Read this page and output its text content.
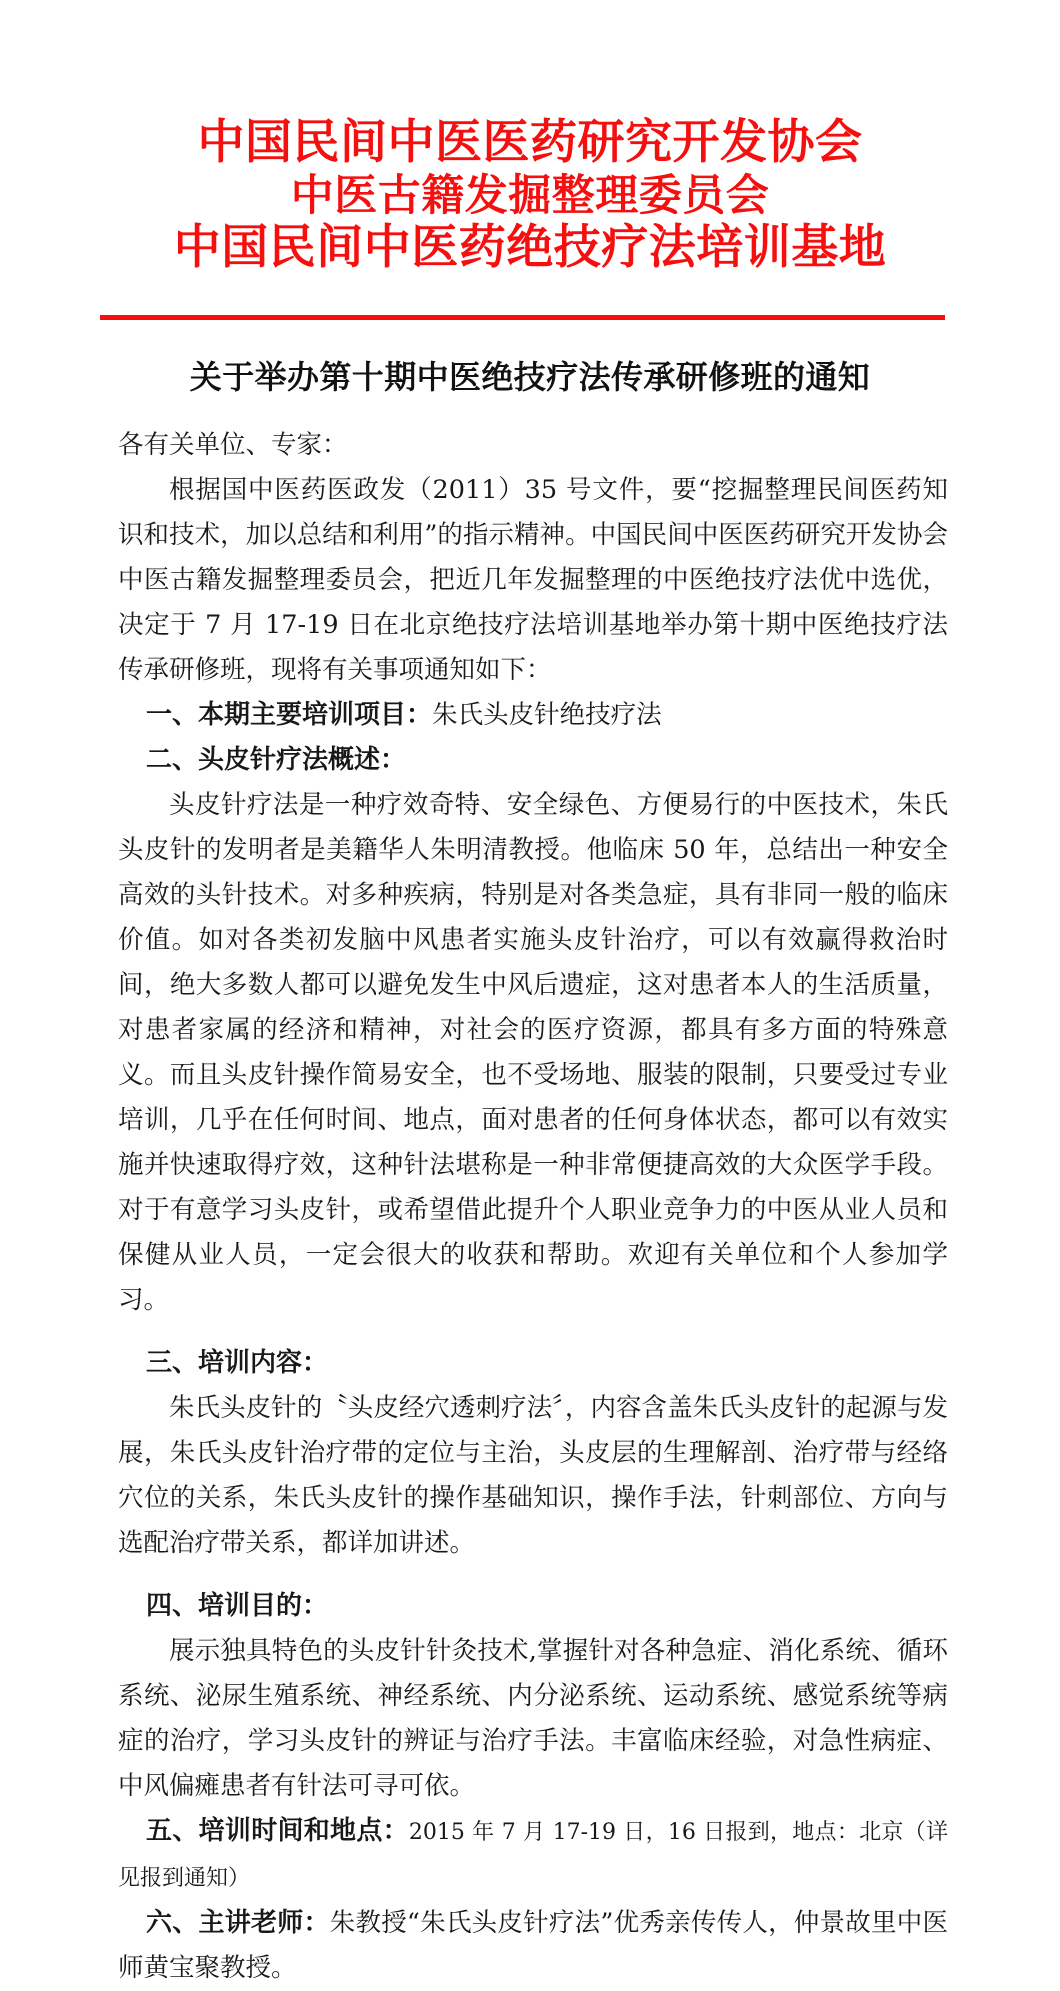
中国民间中医医药研究开发协会
中医古籍发掘整理委员会
中国民间中医药绝技疗法培训基地
关于举办第十期中医绝技疗法传承研修班的通知

各有关单位、专家：

根据国中医药医政发（2011）35 号文件，要“挖掘整理民间医药知识和技术，加以总结和利用”的指示精神。中国民间中医医药研究开发协会中医古籍发掘整理委员会，把近几年发掘整理的中医绝技疗法优中选优，决定于 7 月 17-19 日在北京绝技疗法培训基地举办第十期中医绝技疗法传承研修班，现将有关事项通知如下：

一、本期主要培训项目：朱氏头皮针绝技疗法

二、头皮针疗法概述：

头皮针疗法是一种疗效奇特、安全绿色、方便易行的中医技术，朱氏头皮针的发明者是美籍华人朱明清教授。他临床 50 年，总结出一种安全高效的头针技术。对多种疾病，特别是对各类急症，具有非同一般的临床价值。如对各类初发脑中风患者实施头皮针治疗，可以有效赢得救治时间，绝大多数人都可以避免发生中风后遗症，这对患者本人的生活质量，对患者家属的经济和精神，对社会的医疗资源，都具有多方面的特殊意义。而且头皮针操作简易安全，也不受场地、服装的限制，只要受过专业培训，几乎在任何时间、地点，面对患者的任何身体状态，都可以有效实施并快速取得疗效，这种针法堪称是一种非常便捷高效的大众医学手段。对于有意学习头皮针，或希望借此提升个人职业竞争力的中医从业人员和保健从业人员，一定会很大的收获和帮助。欢迎有关单位和个人参加学习。

三、培训内容：

朱氏头皮针的〝头皮经穴透刺疗法〞，内容含盖朱氏头皮针的起源与发展，朱氏头皮针治疗带的定位与主治，头皮层的生理解剖、治疗带与经络穴位的关系，朱氏头皮针的操作基础知识，操作手法，针刺部位、方向与选配治疗带关系，都详加讲述。

四、培训目的：

展示独具特色的头皮针针灸技术,掌握针对各种急症、消化系统、循环系统、泌尿生殖系统、神经系统、内分泌系统、运动系统、感觉系统等病症的治疗，学习头皮针的辨证与治疗手法。丰富临床经验，对急性病症、中风偏瘫患者有针法可寻可依。

五、培训时间和地点：2015 年 7 月 17-19 日，16 日报到，地点：北京（详见报到通知）

六、主讲老师：朱教授“朱氏头皮针疗法”优秀亲传传人，仲景故里中医师黄宝聚教授。
